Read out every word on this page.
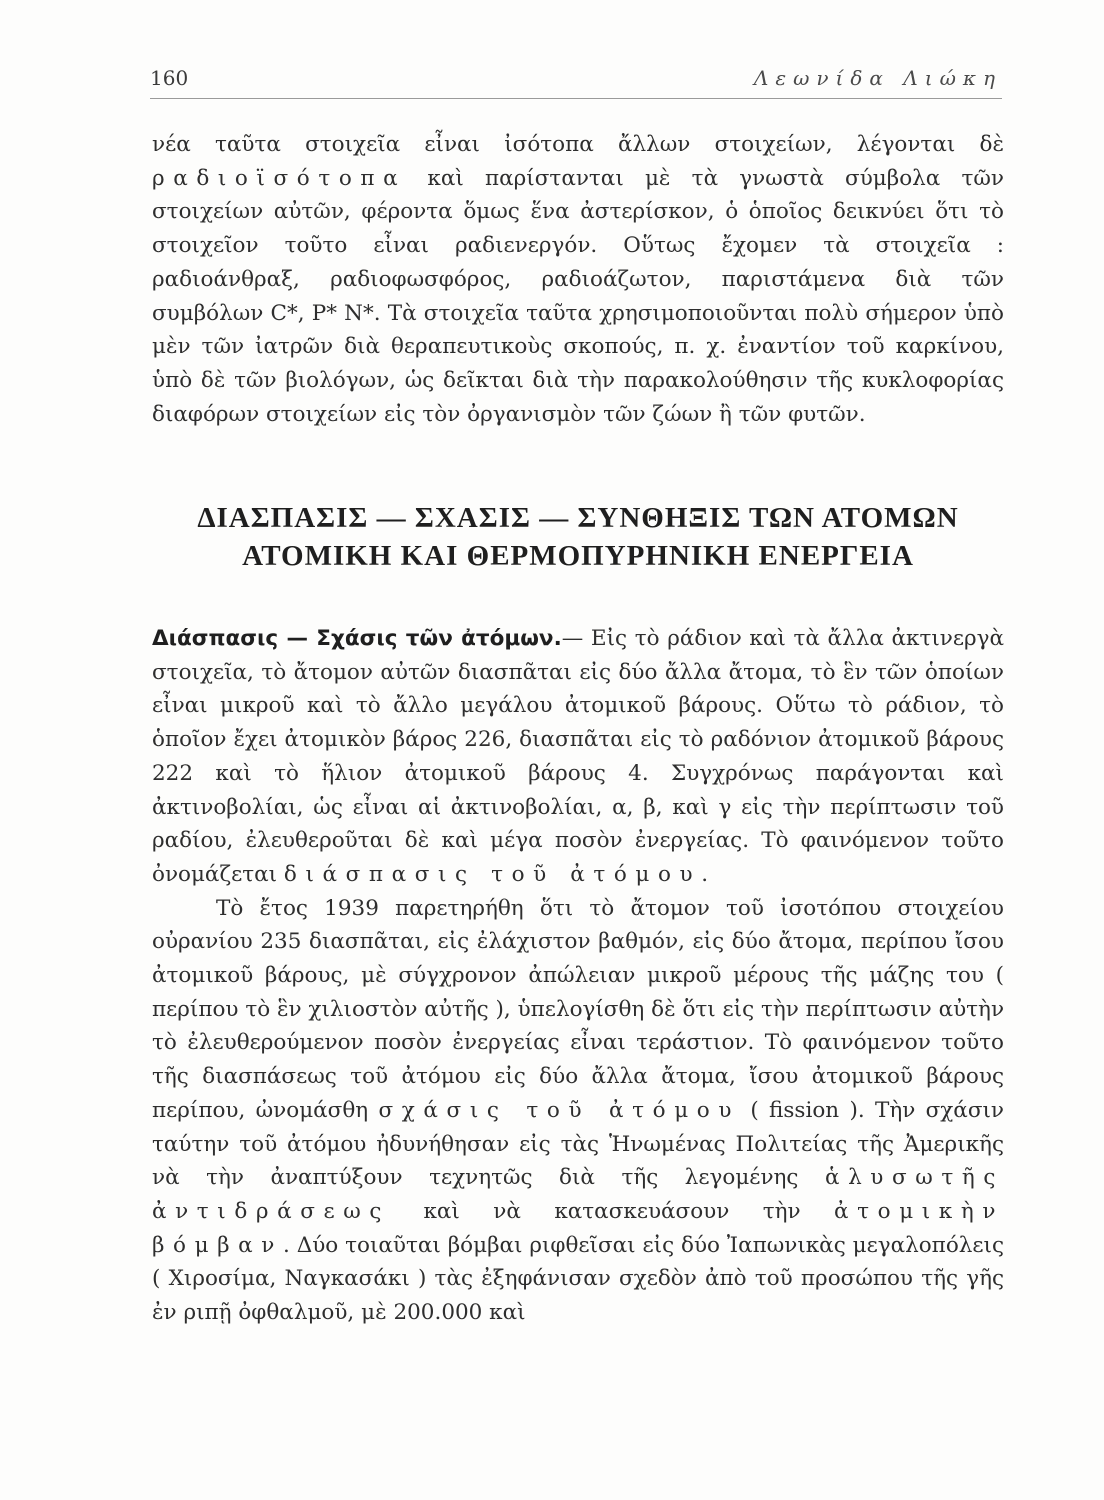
160	Λεωνίδα Λιώκη

νέα ταῦτα στοιχεῖα εἶναι ἰσότοπα ἄλλων στοιχείων, λέγονται δὲ ραδιοϊσότοπα καὶ παρίστανται μὲ τὰ γνωστὰ σύμβολα τῶν στοιχείων αὐτῶν, φέροντα ὅμως ἕνα ἀστερίσκον, ὁ ὁποῖος δεικνύει ὅτι τὸ στοιχεῖον τοῦτο εἶναι ραδιενεργόν. Οὕτως ἔχομεν τὰ στοιχεῖα : ραδιοάνθραξ, ραδιοφωσφόρος, ραδιοάζωτον, παριστάμενα διὰ τῶν συμβόλων C*, P* N*. Τὰ στοιχεῖα ταῦτα χρησιμοποιοῦνται πολὺ σήμερον ὑπὸ μὲν τῶν ἰατρῶν διὰ θεραπευτικοὺς σκοπούς, π. χ. ἐναντίον τοῦ καρκίνου, ὑπὸ δὲ τῶν βιολόγων, ὡς δεῖκται διὰ τὴν παρακολούθησιν τῆς κυκλοφορίας διαφόρων στοιχείων εἰς τὸν ὀργανισμὸν τῶν ζώων ἢ τῶν φυτῶν.

ΔΙΑΣΠΑΣΙΣ — ΣΧΑΣΙΣ — ΣΥΝΘΗΞΙΣ ΤΩΝ ΑΤΟΜΩΝ
ΑΤΟΜΙΚΗ ΚΑΙ ΘΕΡΜΟΠΥΡΗΝΙΚΗ ΕΝΕΡΓΕΙΑ

Διάσπασις — Σχάσις τῶν ἀτόμων.— Εἰς τὸ ράδιον καὶ τὰ ἄλλα ἀκτινεργὰ στοιχεῖα, τὸ ἄτομον αὐτῶν διασπᾶται εἰς δύο ἄλλα ἄτομα, τὸ ἓν τῶν ὁποίων εἶναι μικροῦ καὶ τὸ ἄλλο μεγάλου ἀτομικοῦ βάρους. Οὕτω τὸ ράδιον, τὸ ὁποῖον ἔχει ἀτομικὸν βάρος 226, διασπᾶται εἰς τὸ ραδόνιον ἀτομικοῦ βάρους 222 καὶ τὸ ἥλιον ἀτομικοῦ βάρους 4. Συγχρόνως παράγονται καὶ ἀκτινοβολίαι, ὡς εἶναι αἱ ἀκτινοβολίαι, α, β, καὶ γ εἰς τὴν περίπτωσιν τοῦ ραδίου, ἐλευθεροῦται δὲ καὶ μέγα ποσὸν ἐνεργείας. Τὸ φαινόμενον τοῦτο ὀνομάζεται διάσπασις τοῦ ἀτόμου.

Τὸ ἔτος 1939 παρετηρήθη ὅτι τὸ ἄτομον τοῦ ἰσοτόπου στοιχείου οὐρανίου 235 διασπᾶται, εἰς ἐλάχιστον βαθμόν, εἰς δύο ἄτομα, περίπου ἴσου ἀτομικοῦ βάρους, μὲ σύγχρονον ἀπώλειαν μικροῦ μέρους τῆς μάζης του ( περίπου τὸ ἓν χιλιοστὸν αὐτῆς ), ὑπελογίσθη δὲ ὅτι εἰς τὴν περίπτωσιν αὐτὴν τὸ ἐλευθερούμενον ποσὸν ἐνεργείας εἶναι τεράστιον. Τὸ φαινόμενον τοῦτο τῆς διασπάσεως τοῦ ἀτόμου εἰς δύο ἄλλα ἄτομα, ἴσου ἀτομικοῦ βάρους περίπου, ὠνομάσθη σχάσις τοῦ ἀτόμου ( fission ). Τὴν σχάσιν ταύτην τοῦ ἀτόμου ἠδυνήθησαν εἰς τὰς Ἡνωμένας Πολιτείας τῆς Ἀμερικῆς νὰ τὴν ἀναπτύξουν τεχνητῶς διὰ τῆς λεγομένης ἁλυσωτῆς ἀντιδράσεως καὶ νὰ κατασκευάσουν τὴν ἀτομικὴν βόμβαν. Δύο τοιαῦται βόμβαι ριφθεῖσαι εἰς δύο Ἰαπωνικὰς μεγαλοπόλεις ( Χιροσίμα, Ναγκασάκι ) τὰς ἐξηφάνισαν σχεδὸν ἀπὸ τοῦ προσώπου τῆς γῆς ἐν ριπῇ ὀφθαλμοῦ, μὲ 200.000 καὶ
